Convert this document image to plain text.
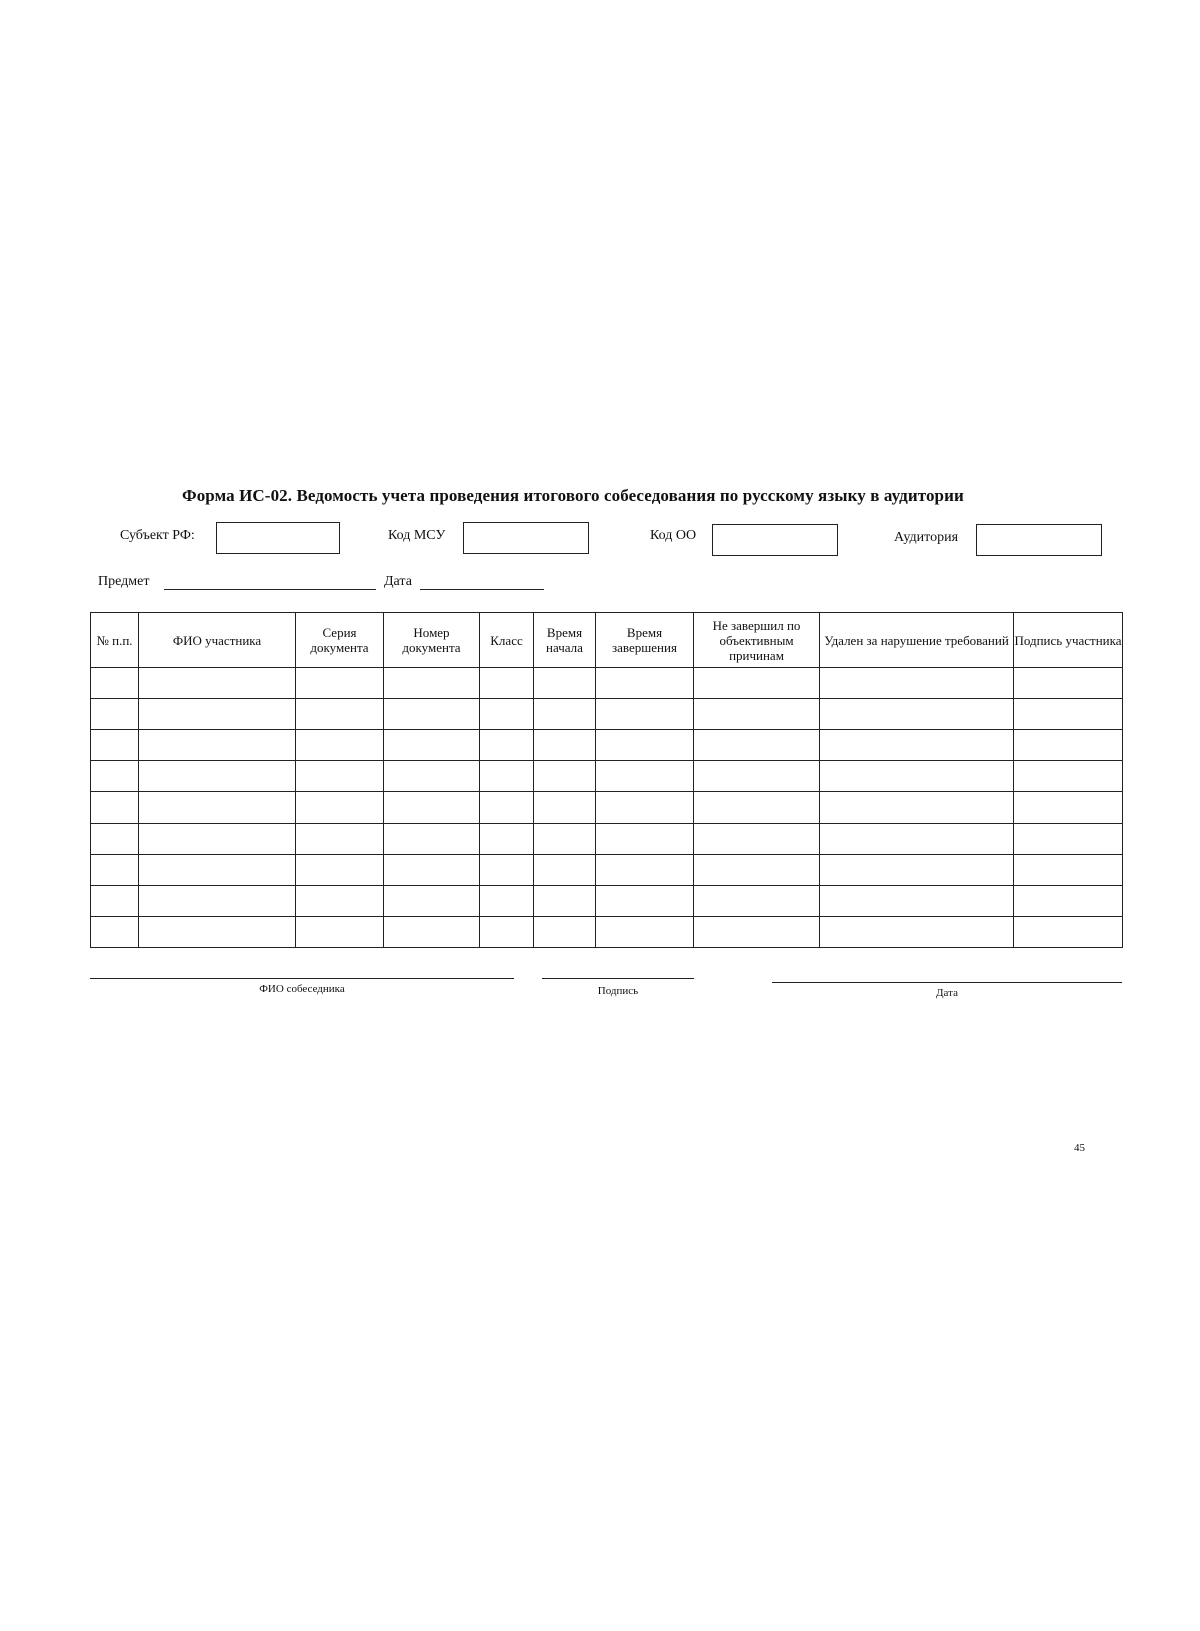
Форма ИС-02. Ведомость учета проведения итогового собеседования по русскому языку в аудитории
Субъект РФ:	Код МСУ	Код ОО	Аудитория
Предмет	Дата
№ п.п.	ФИО участника	Серия документа	Номер документа	Класс	Время начала	Время завершения	Не завершил по объективным причинам	Удален за нарушение требований	Подпись участника

ФИО собеседника	Подпись	Дата
45
